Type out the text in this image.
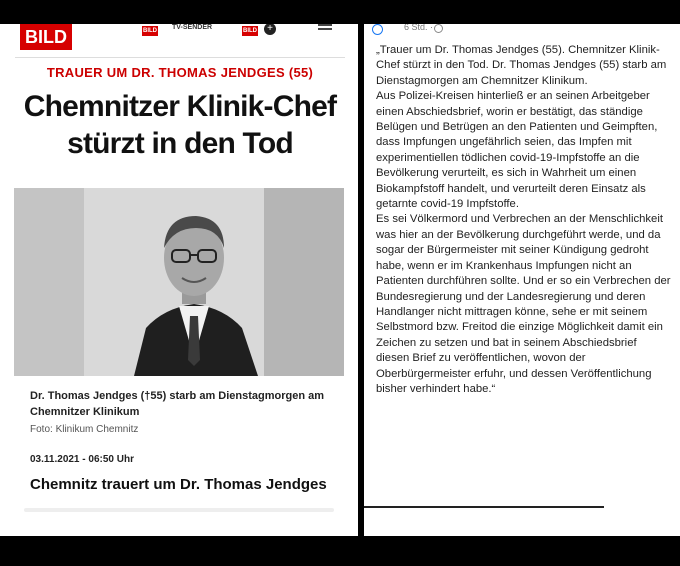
BILD	BILD TV-SENDER	BILD	+
TRAUER UM DR. THOMAS JENDGES (55)
Chemnitzer Klinik-Chef stürzt in den Tod
Dr. Thomas Jendges (†55) starb am Dienstagmorgen am Chemnitzer Klinikum
Foto: Klinikum Chemnitz
03.11.2021 - 06:50 Uhr
Chemnitz trauert um Dr. Thomas Jendges
6 Std. ·

„Trauer um Dr. Thomas Jendges (55). Chemnitzer Klinik-Chef stürzt in den Tod. Dr. Thomas Jendges (55) starb am Dienstagmorgen am Chemnitzer Klinikum.

Aus Polizei-Kreisen hinterließ er an seinen Arbeitgeber einen Abschiedsbrief, worin er bestätigt, das ständige Belügen und Betrügen an den Patienten und Geimpften, dass Impfungen ungefährlich seien, das Impfen mit experimentiellen tödlichen covid-19-Impfstoffe an die Bevölkerung verurteilt, es sich in Wahrheit um einen Biokampfstoff handelt, und verurteilt deren Einsatz als getarnte covid-19 Impfstoffe.

Es sei Völkermord und Verbrechen an der Menschlichkeit was hier an der Bevölkerung durchgeführt werde, und da sogar der Bürgermeister mit seiner Kündigung gedroht habe, wenn er im Krankenhaus Impfungen nicht an Patienten durchführen sollte. Und er so ein Verbrechen der Bundesregierung und der Landesregierung und deren Handlanger nicht mittragen könne, sehe er mit seinem Selbstmord bzw. Freitod die einzige Möglichkeit damit ein Zeichen zu setzen und bat in seinem Abschiedsbrief diesen Brief zu veröffentlichen, wovon der Oberbürgermeister erfuhr, und dessen Veröffentlichung bisher verhindert habe.“
